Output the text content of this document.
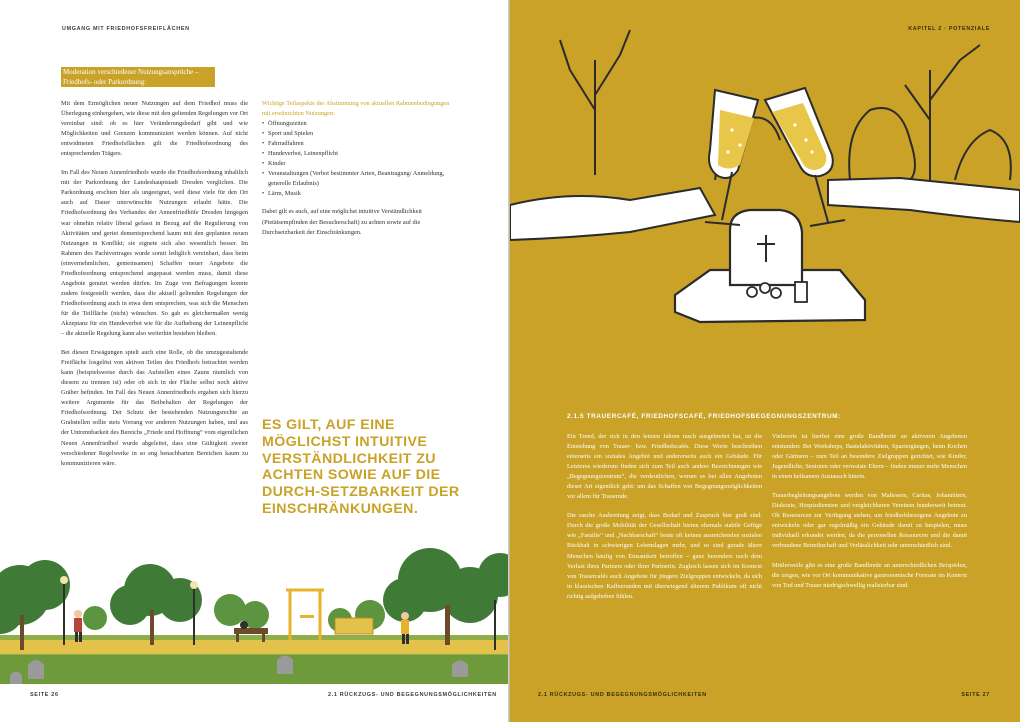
UMGANG MIT FRIEDHOFSFREIFLÄCHEN
Moderation verschiedener Nutzungsansprüche – Friedhofs- oder Parkordnung:

Mit dem Ermöglichen neuer Nutzungen auf dem Friedhof muss die Überlegung einhergehen, wie diese mit den geltenden Regelungen vor Ort vereinbar sind: ob es hier Veränderungsbedarf gibt und wie Möglichkeiten und Grenzen kommuniziert werden können. Auf nicht entwidmeten Friedhofsflächen gilt die Friedhofsordnung des entsprechenden Trägers.

Im Fall des Neuen Annenfriedhofs wurde die Friedhofsordnung inhaltlich mit der Parkordnung der Landeshauptstadt Dresden verglichen. Die Parkordnung erschien hier als ungeeignet, weil diese viele für den Ort auch auf Dauer unerwünschte Nutzungen erlaubt hätte. Die Friedhofsordnung des Verbandes der Annenfriedhöfe Dresden hingegen war ohnehin relativ liberal gefasst in Bezug auf die Regulierung von Aktivitäten und geriet dementsprechend kaum mit den geplanten neuen Nutzungen in Konflikt; sie eignete sich also wesentlich besser. Im Rahmen des Pachtvertrages wurde somit lediglich vereinbart, dass beim (einvernehmlichen, gemeinsamen) Schaffen neuer Angebote die Friedhofsordnung entsprechend angepasst werden muss, damit diese Angebote genutzt werden dürfen. Im Zuge von Befragungen konnte zudem festgestellt werden, dass die aktuell geltenden Regelungen der Friedhofsordnung auch in etwa dem entsprechen, was sich die Menschen für die Teilfläche (nicht) wünschen. So gab es gleichermaßen wenig Akzeptanz für ein Hundeverbot wie für die Aufhebung der Leinenpflicht – die aktuelle Regelung kann also weiterhin bestehen bleiben.

Bei diesen Erwägungen spielt auch eine Rolle, ob die umzugestaltende Freifläche losgelöst von aktiven Teilen des Friedhofs betrachtet werden kann (beispielsweise durch das Aufstellen eines Zauns räumlich von diesem zu trennen ist) oder ob sich in der Fläche selbst noch aktive Gräber befinden. Im Fall des Neuen Annenfriedhofs ergaben sich hierzu weitere Argumente für das Beibehalten der Regelungen der Friedhofsordnung. Der Schutz der bestehenden Nutzungsrechte an Grabstellen sollte stets Vorrang vor anderen Nutzungen haben, und aus der Untrennbarkeit des Bereichs „Friede und Hoffnung“ vom eigentlichen Neuen Annenfriedhof wurde abgeleitet, dass eine Gültigkeit zweier verschiedener Regelwerke in so eng benachbarten Bereichen kaum zu kommunizieren wäre.

Wichtige Teilaspekte der Abstimmung von aktuellen Rahmenbedingungen mit erwünschten Nutzungen:

• Öffnungszeiten
• Sport und Spielen
• Fahrradfahren
• Hundeverbot, Leinenpflicht
• Kinder
• Veranstaltungen (Verbot bestimmter Arten, Beantragung/ Anmeldung, generelle Erlaubnis)
• Lärm, Musik

Dabei gilt es auch, auf eine möglichst intuitive Verständlichkeit (Pietätsempfinden der Besucherschaft) zu achten sowie auf die Durchsetzbarkeit der Einschränkungen.

ES GILT, AUF EINE MÖGLICHST INTUITIVE VERSTÄNDLICHKEIT ZU ACHTEN SOWIE AUF DIE DURCH-SETZBARKEIT DER EINSCHRÄNKUNGEN.
SEITE 26	2.1 RÜCKZUGS- UND BEGEGNUNGSMÖGLICHKEITEN
KAPITEL 2 · POTENZIALE
2.1.5 TRAUERCAFÉ, FRIEDHOFSCAFÉ, FRIEDHOFSBEGEGNUNGSZENTRUM:

Ein Trend, der sich in den letzten Jahren rasch ausgebreitet hat, ist die Entstehung von Trauer- bzw. Friedhofscafés. Diese Worte beschreiben einerseits ein soziales Angebot und andererseits auch ein Gebäude. Für Letzteres wiederum finden sich zum Teil auch andere Bezeichnungen wie „Begegnungszentrum“, die verdeutlichen, worum es bei allen Angeboten dieser Art eigentlich geht: um das Schaffen von Begegnungsmöglichkeiten vor allem für Trauernde.

Die rasche Ausbreitung zeigt, dass Bedarf und Zuspruch hier groß sind. Durch die große Mobilität der Gesellschaft bieten ehemals stabile Gefüge wie „Familie“ und „Nachbarschaft“ heute oft keinen ausreichenden sozialen Rückhalt in schwierigen Lebenslagen mehr, und so sind gerade ältere Menschen häufig von Einsamkeit betroffen – ganz besonders nach dem Verlust ihres Partners oder ihrer Partnerin. Zugleich lassen sich im Kontext von Trauercafés auch Angebote für jüngere Zielgruppen entwickeln, da sich in klassischen Kaffeerunden mit überwiegend älterem Publikum oft nicht richtig aufgehoben fühlen.

Vielerorts ist hierbei eine große Bandbreite an aktiveren Angeboten entstanden: Bei Workshops, Bastelaktivitäten, Spaziergängen, beim Kochen oder Gärtnern – zum Teil an besondere Zielgruppen gerichtet, wie Kinder, Jugendliche, Senioren oder verwaiste Eltern – finden immer mehr Menschen in einen heilsamen Austausch hinein.

Trauerbegleitungsangebote werden von Maltesern, Caritas, Johannitern, Diakonie, Hospizdiensten und vergleichbaren Vereinen bundesweit betreut. Ob Ressourcen zur Verfügung stehen, um friedhofsbezogene Angebote zu entwickeln oder gar regelmäßig ein Gebäude damit zu bespielen, muss individuell erkundet werden, da die personellen Ressourcen und die damit verbundene Betreibschaft und Verlässlichkeit sehr unterschiedlich sind.

Mittlerweile gibt es eine große Bandbreite an unterschiedlichen Beispielen, die zeigen, wie vor Ort kommunikative gastronomische Formate im Kontext von Tod und Trauer niedrigschwellig realisierbar sind.

2.1 RÜCKZUGS- UND BEGEGNUNGSMÖGLICHKEITEN	SEITE 27
